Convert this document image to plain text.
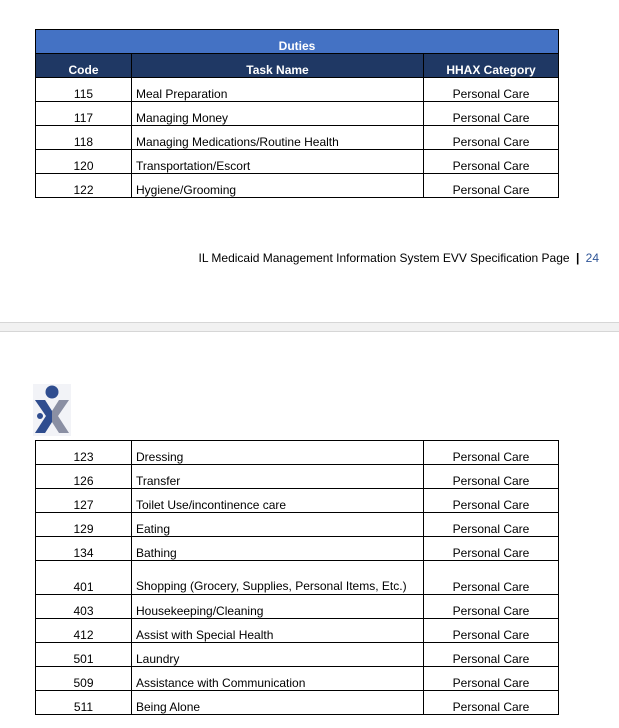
Duties		
Code	Task Name	HHAX Category
115	Meal Preparation	Personal Care
117	Managing Money	Personal Care
118	Managing Medications/Routine Health	Personal Care
120	Transportation/Escort	Personal Care
122	Hygiene/Grooming	Personal Care
IL Medicaid Management Information System EVV Specification Page | 24
123	Dressing	Personal Care
126	Transfer	Personal Care
127	Toilet Use/incontinence care	Personal Care
129	Eating	Personal Care
134	Bathing	Personal Care
401	Shopping (Grocery, Supplies, Personal Items, Etc.)	Personal Care
403	Housekeeping/Cleaning	Personal Care
412	Assist with Special Health	Personal Care
501	Laundry	Personal Care
509	Assistance with Communication	Personal Care
511	Being Alone	Personal Care
